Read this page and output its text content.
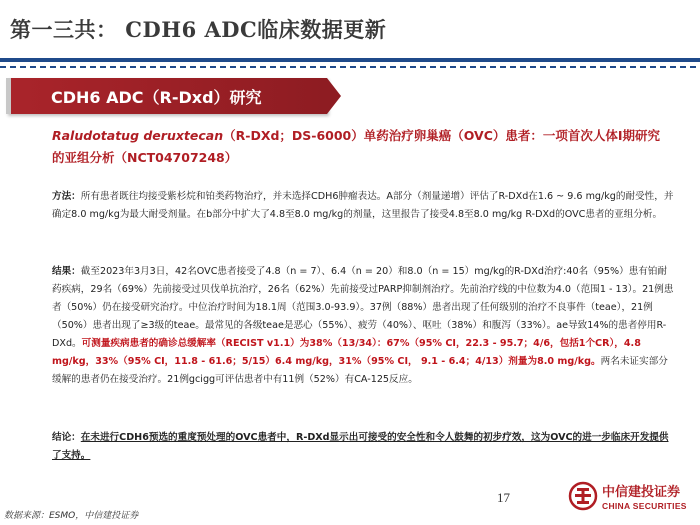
第一三共： CDH6 ADC临床数据更新
CDH6 ADC（R-Dxd）研究
Raludotatug deruxtecan（R-DXd；DS-6000）单药治疗卵巢癌（OVC）患者：一项首次人体I期研究的亚组分析（NCT04707248）
方法：所有患者既往均接受紫杉烷和铂类药物治疗，并未选择CDH6肿瘤表达。A部分（剂量递增）评估了R-DXd在1.6 ~ 9.6 mg/kg的耐受性，并确定8.0 mg/kg为最大耐受剂量。在b部分中扩大了4.8至8.0 mg/kg的剂量，这里报告了接受4.8至8.0 mg/kg R-DXd的OVC患者的亚组分析。
结果：截至2023年3月3日，42名OVC患者接受了4.8（n = 7）、6.4（n = 20）和8.0（n = 15）mg/kg的R-DXd治疗:40名（95%）患有铂耐药疾病，29名（69%）先前接受过贝伐单抗治疗，26名（62%）先前接受过PARP抑制剂治疗。先前治疗线的中位数为4.0（范围1 - 13）。21例患者（50%）仍在接受研究治疗。中位治疗时间为18.1周（范围3.0-93.9）。37例（88%）患者出现了任何级别的治疗不良事件（teae），21例（50%）患者出现了≥3级的teae。最常见的各级teae是恶心（55%）、疲劳（40%）、呕吐（38%）和腹泻（33%）。ae导致14%的患者停用R-DXd。可测量疾病患者的确诊总缓解率（RECIST v1.1）为38%（13/34）：67%（95% CI，22.3 - 95.7；4/6，包括1个CR），4.8 mg/kg，33%（95% CI，11.8 - 61.6；5/15）6.4 mg/kg，31%（95% CI， 9.1 - 6.4；4/13）剂量为8.0 mg/kg。两名未证实部分缓解的患者仍在接受治疗。21例gcigg可评估患者中有11例（52%）有CA-125反应。
结论：在未进行CDH6预选的重度预处理的OVC患者中，R-DXd显示出可接受的安全性和令人鼓舞的初步疗效，这为OVC的进一步临床开发提供了支持。
17
数据来源：ESMO，中信建投证券
中信建投证券
CHINA SECURITIES
